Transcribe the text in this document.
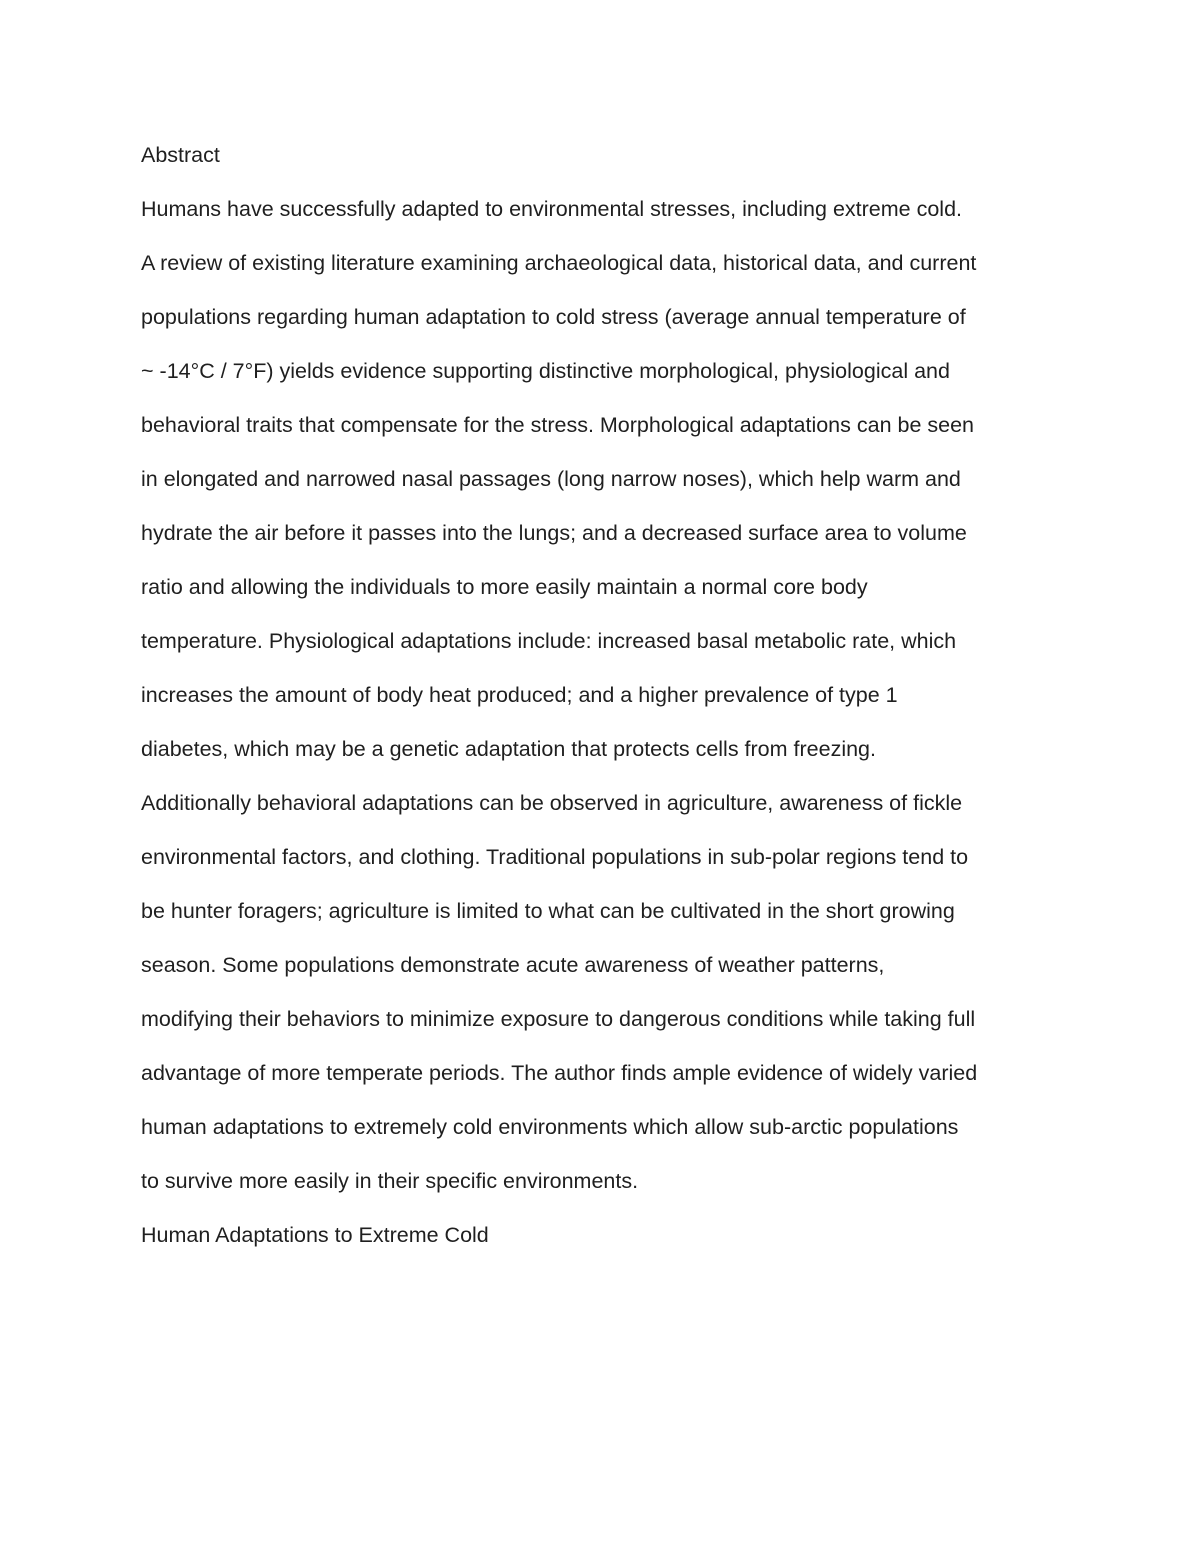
Abstract
Humans have successfully adapted to environmental stresses, including extreme cold.
A review of existing literature examining archaeological data, historical data, and current
populations regarding human adaptation to cold stress (average annual temperature of
~ -14°C / 7°F) yields evidence supporting distinctive morphological, physiological and
behavioral traits that compensate for the stress. Morphological adaptations can be seen
in elongated and narrowed nasal passages (long narrow noses), which help warm and
hydrate the air before it passes into the lungs; and a decreased surface area to volume
ratio and allowing the individuals to more easily maintain a normal core body
temperature. Physiological adaptations include: increased basal metabolic rate, which
increases the amount of body heat produced; and a higher prevalence of type 1
diabetes, which may be a genetic adaptation that protects cells from freezing.
Additionally behavioral adaptations can be observed in agriculture, awareness of fickle
environmental factors, and clothing. Traditional populations in sub-polar regions tend to
be hunter foragers; agriculture is limited to what can be cultivated in the short growing
season. Some populations demonstrate acute awareness of weather patterns,
modifying their behaviors to minimize exposure to dangerous conditions while taking full
advantage of more temperate periods. The author finds ample evidence of widely varied
human adaptations to extremely cold environments which allow sub-arctic populations
to survive more easily in their specific environments.
Human Adaptations to Extreme Cold
